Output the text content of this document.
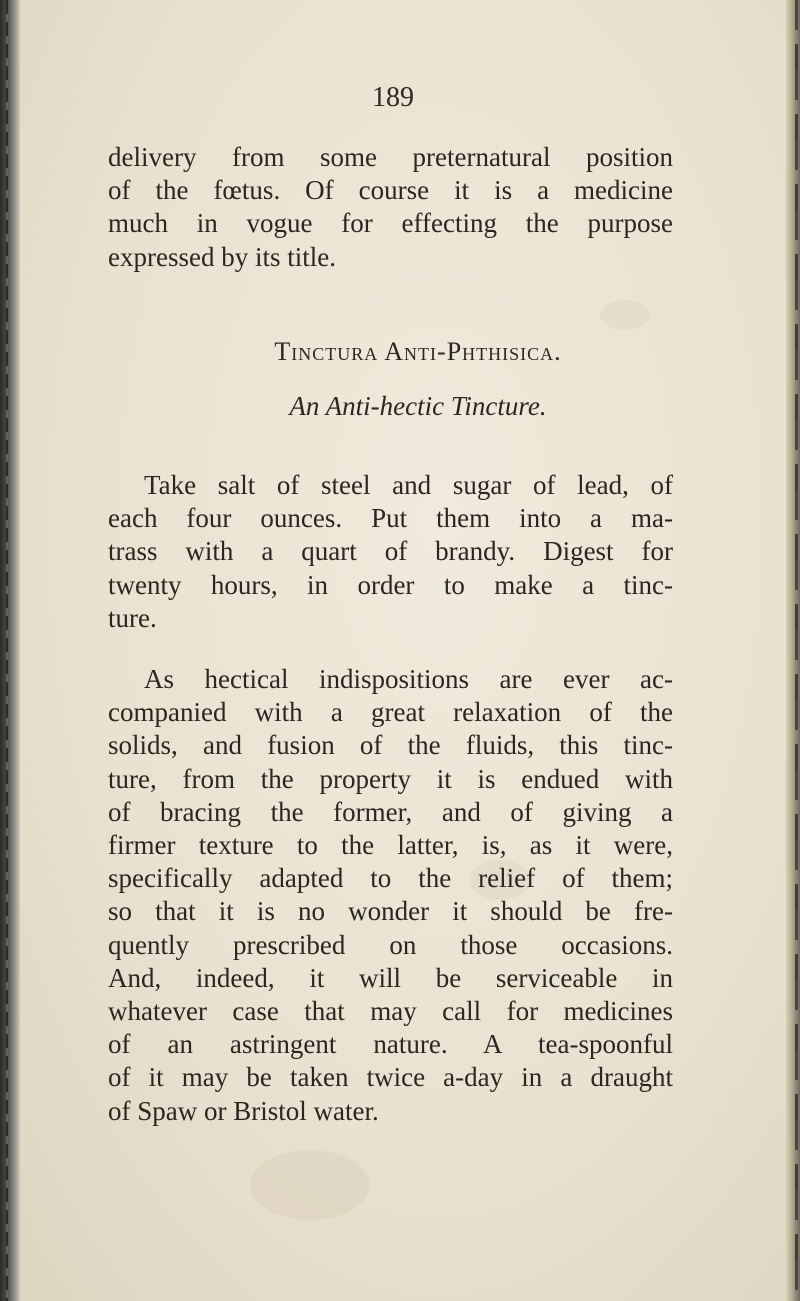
189
delivery from some preternatural position
of the fœtus. Of course it is a medicine
much in vogue for effecting the purpose
expressed by its title.
Tinctura Anti-Phthisica.
An Anti-hectic Tincture.
Take salt of steel and sugar of lead, of
each four ounces. Put them into a ma-
trass with a quart of brandy. Digest for
twenty hours, in order to make a tinc-
ture.
As hectical indispositions are ever ac-
companied with a great relaxation of the
solids, and fusion of the fluids, this tinc-
ture, from the property it is endued with
of bracing the former, and of giving a
firmer texture to the latter, is, as it were,
specifically adapted to the relief of them;
so that it is no wonder it should be fre-
quently prescribed on those occasions.
And, indeed, it will be serviceable in
whatever case that may call for medicines
of an astringent nature. A tea-spoonful
of it may be taken twice a-day in a draught
of Spaw or Bristol water.
